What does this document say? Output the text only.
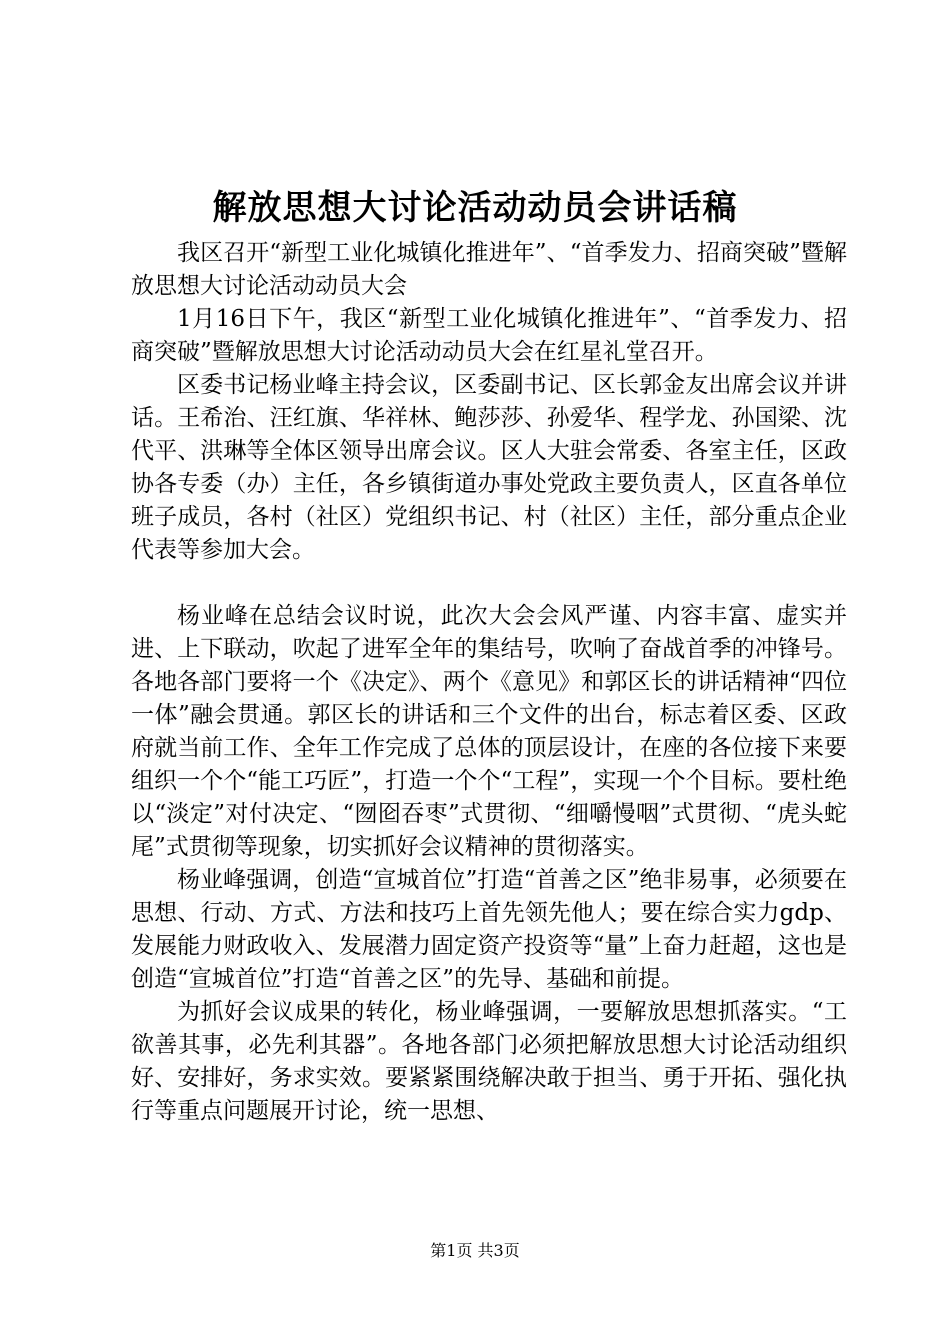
解放思想大讨论活动动员会讲话稿

我区召开“新型工业化城镇化推进年”、“首季发力、招商突破”暨解放思想大讨论活动动员大会

1月16日下午，我区“新型工业化城镇化推进年”、“首季发力、招商突破”暨解放思想大讨论活动动员大会在红星礼堂召开。

区委书记杨业峰主持会议，区委副书记、区长郭金友出席会议并讲话。王希治、汪红旗、华祥林、鲍莎莎、孙爱华、程学龙、孙国梁、沈代平、洪琳等全体区领导出席会议。区人大驻会常委、各室主任，区政协各专委（办）主任，各乡镇街道办事处党政主要负责人，区直各单位班子成员，各村（社区）党组织书记、村（社区）主任，部分重点企业代表等参加大会。

杨业峰在总结会议时说，此次大会会风严谨、内容丰富、虚实并进、上下联动，吹起了进军全年的集结号，吹响了奋战首季的冲锋号。各地各部门要将一个《决定》、两个《意见》和郭区长的讲话精神“四位一体”融会贯通。郭区长的讲话和三个文件的出台，标志着区委、区政府就当前工作、全年工作完成了总体的顶层设计，在座的各位接下来要组织一个个“能工巧匠”，打造一个个“工程”，实现一个个目标。要杜绝以“淡定”对付决定、“囫囵吞枣”式贯彻、“细嚼慢咽”式贯彻、“虎头蛇尾”式贯彻等现象，切实抓好会议精神的贯彻落实。

杨业峰强调，创造“宣城首位”打造“首善之区”绝非易事，必须要在思想、行动、方式、方法和技巧上首先领先他人；要在综合实力gdp、发展能力财政收入、发展潜力固定资产投资等“量”上奋力赶超，这也是创造“宣城首位”打造“首善之区”的先导、基础和前提。

为抓好会议成果的转化，杨业峰强调，一要解放思想抓落实。“工欲善其事，必先利其器”。各地各部门必须把解放思想大讨论活动组织好、安排好，务求实效。要紧紧围绕解决敢于担当、勇于开拓、强化执行等重点问题展开讨论，统一思想、

第1页 共3页
